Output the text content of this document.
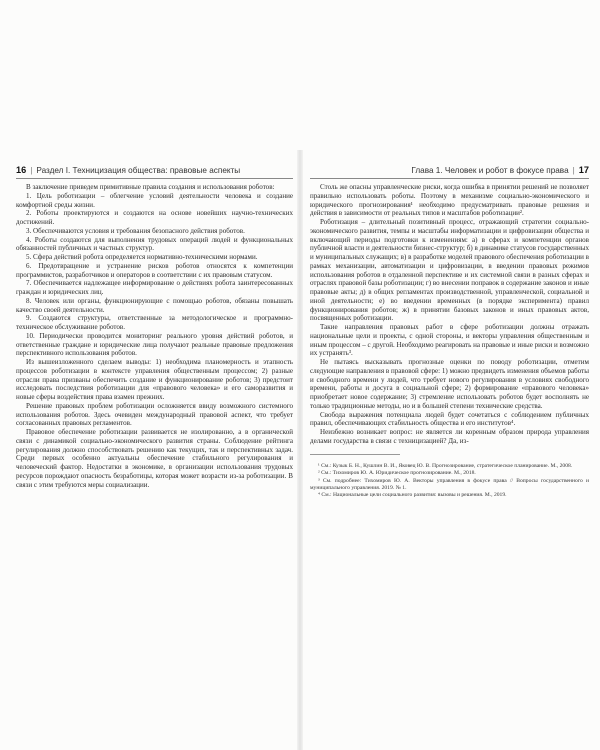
16 | Раздел I. Техницизация общества: правовые аспекты	Глава 1. Человек и робот в фокусе права | 17

В заключение приведем примитивные правила создания и использования роботов:

1. Цель роботизации – облегчение условий деятельности человека и создание комфортной среды жизни.

2. Роботы проектируются и создаются на основе новейших научно-технических достижений.

3. Обеспечиваются условия и требования безопасного действия роботов.

4. Роботы создаются для выполнения трудовых операций людей и функциональных обязанностей публичных и частных структур.

5. Сфера действий робота определяется нормативно-техническими нормами.

6. Предотвращение и устранение рисков роботов относятся к компетенции программистов, разработчиков и операторов в соответствии с их правовым статусом.

7. Обеспечивается надлежащее информирование о действиях робота заинтересованных граждан и юридических лиц.

8. Человек или органы, функционирующие с помощью роботов, обязаны повышать качество своей деятельности.

9. Создаются структуры, ответственные за методологическое и программно-техническое обслуживание роботов.

10. Периодически проводится мониторинг реального уровня действий роботов, и ответственные граждане и юридические лица получают реальные правовые предложения перспективного использования роботов.

Из вышеизложенного сделаем выводы: 1) необходима планомерность и этапность процессов роботизации в контексте управления общественным процессом; 2) разные отрасли права призваны обеспечить создание и функционирование роботов; 3) предстоит исследовать последствия роботизации для «правового человека» и его саморазвития и новые сферы воздействия права взамен прежних.

Решение правовых проблем роботизации осложняется ввиду возможного системного использования роботов. Здесь очевиден международный правовой аспект, что требует согласованных правовых регламентов.

Правовое обеспечение роботизации развивается не изолированно, а в органической связи с динамикой социально-экономического развития страны. Соблюдение рейтинга регулирования должно способствовать решению как текущих, так и перспективных задач. Среди первых особенно актуальны обеспечение стабильного регулирования и человеческий фактор. Недостатки в экономике, в организации использования трудовых ресурсов порождают опасность безработицы, которая может возрасти из-за роботизации. В связи с этим требуются меры социализации.

Столь же опасны управленческие риски, когда ошибка в принятии решений не позволяет правильно использовать роботы. Поэтому в механизме социально-экономического и юридического прогнозирования¹ необходимо предусматривать правовые решения и действия в зависимости от реальных типов и масштабов роботизации².

Роботизация – длительный позитивный процесс, отражающий стратегии социально-экономического развития, темпы и масштабы информатизации и цифровизации общества и включающий периоды подготовки к изменениям: а) в сферах и компетенции органов публичной власти и деятельности бизнес-структур; б) в динамике статусов государственных и муниципальных служащих; в) в разработке моделей правового обеспечения роботизации в рамках механизации, автоматизации и цифровизации, в введении правовых режимов использования роботов в отдаленной перспективе и их системной связи в разных сферах и отраслях правовой базы роботизации; г) во внесении поправок в содержание законов и иные правовые акты; д) в общих регламентах производственной, управленческой, социальной и иной деятельности; е) во введении временных (в порядке эксперимента) правил функционирования роботов; ж) в принятии базовых законов и иных правовых актов, посвященных роботизации.

Такие направления правовых работ в сфере роботизации должны отражать национальные цели и проекты, с одной стороны, и векторы управления общественным и иным процессом – с другой. Необходимо реагировать на правовые и иные риски и возможно их устранять³.

Не пытаясь высказывать прогнозные оценки по поводу роботизации, отметим следующие направления в правовой сфере: 1) можно предвидеть изменения объемов работы и свободного времени у людей, что требует нового регулирования в условиях свободного времени, работы и досуга в социальной сфере; 2) формирование «правового человека» приобретает новое содержание; 3) стремление использовать роботов будет восполнять не только традиционные методы, но и в большей степени технические средства.

Свобода выражения потенциала людей будет сочетаться с соблюдением публичных правил, обеспечивающих стабильность общества и его институтов⁴.

Неизбежно возникает вопрос: не является ли коренным образом природа управления делами государства в связи с техницизацией? Да, из-

¹ См.: Кузык Б. Н., Кушлин В. И., Яковец Ю. В. Прогнозирование, стратегическое планирование. М., 2008.

² См.: Тихомиров Ю. А. Юридическое прогнозирование. М., 2018.

³ См. подробнее: Тихомиров Ю. А. Векторы управления в фокусе права // Вопросы государственного и муниципального управления. 2019. № 1.

⁴ См.: Национальные цели социального развития: вызовы и решения. М., 2019.
